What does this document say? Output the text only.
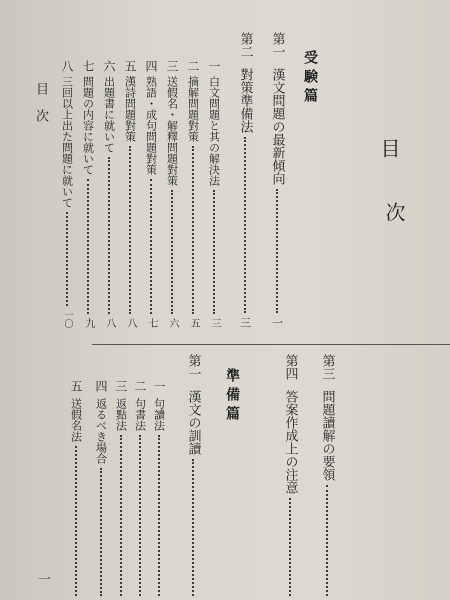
目
次
目次
一
受験篇
第一
漢文問題の最新傾向
一
第二
對策準備法
三
一
白文問題と其の解決法
三
二
摘解問題對策
五
三
送假名・解釋問題對策
六
四
熟語・成句問題對策
七
五
漢詩問題對策
八
六
出題書に就いて
八
七
問題の内容に就いて
九
八
三回以上出た問題に就いて
一〇
第三
問題讀解の要領
第四
答案作成上の注意
準備篇
第一
漢文の訓讀
一
句讀法
二
句書法
三
返點法
四
返るべき場合
五
送假名法
